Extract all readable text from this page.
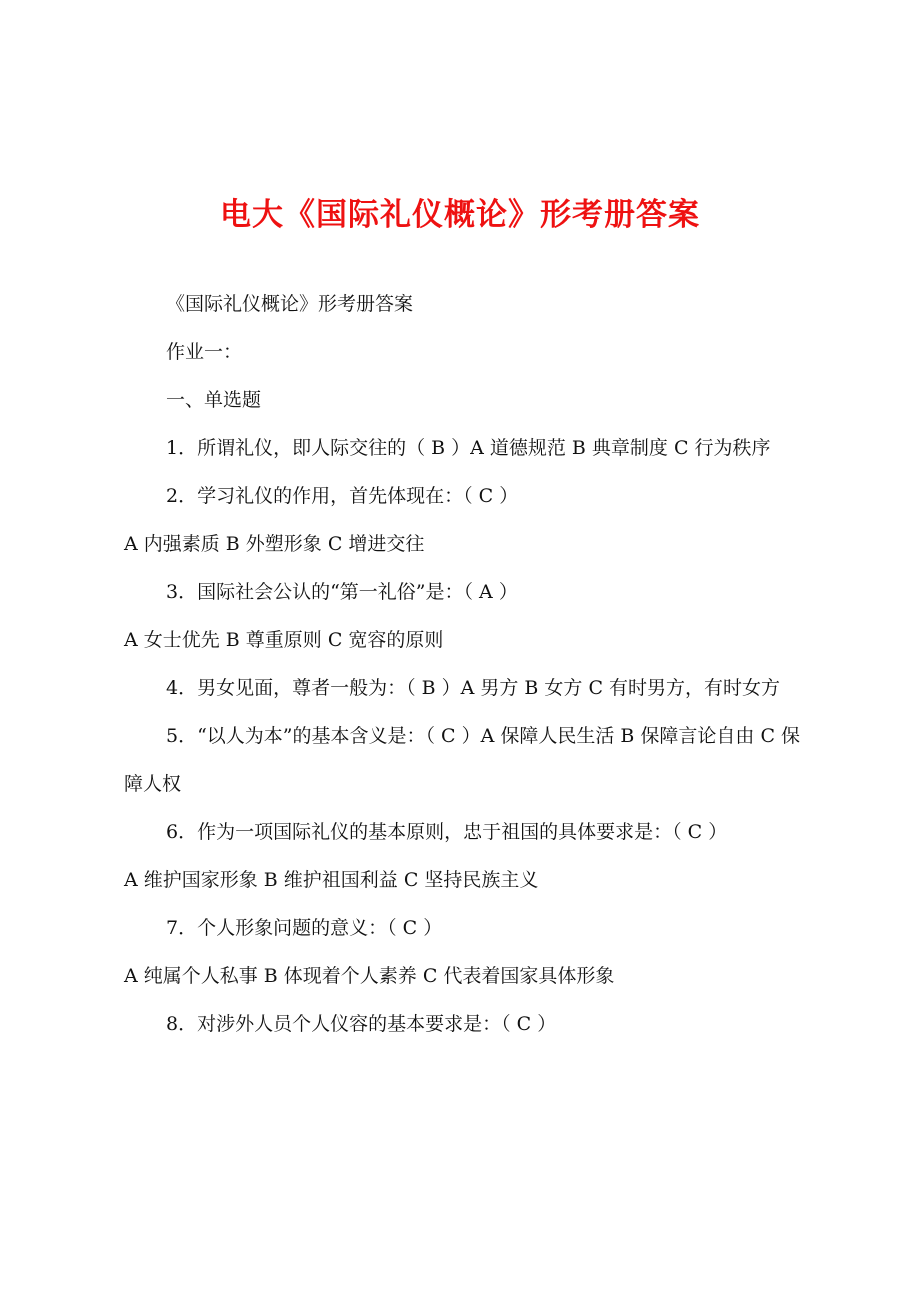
电大《国际礼仪概论》形考册答案

《国际礼仪概论》形考册答案

作业一：

一、单选题

1．所谓礼仪，即人际交往的（ B ）A 道德规范 B 典章制度 C 行为秩序

2．学习礼仪的作用，首先体现在：（ C ）

A 内强素质 B 外塑形象 C 增进交往

3．国际社会公认的“第一礼俗”是：（ A ）

A 女士优先 B 尊重原则 C 宽容的原则

4．男女见面，尊者一般为：（ B ）A 男方 B 女方 C 有时男方，有时女方

5．“以人为本”的基本含义是：（ C ）A 保障人民生活 B 保障言论自由 C 保障人权

6．作为一项国际礼仪的基本原则，忠于祖国的具体要求是：（ C ）

A 维护国家形象 B 维护祖国利益 C 坚持民族主义

7．个人形象问题的意义：（ C ）

A 纯属个人私事 B 体现着个人素养 C 代表着国家具体形象

8．对涉外人员个人仪容的基本要求是：（ C ）
